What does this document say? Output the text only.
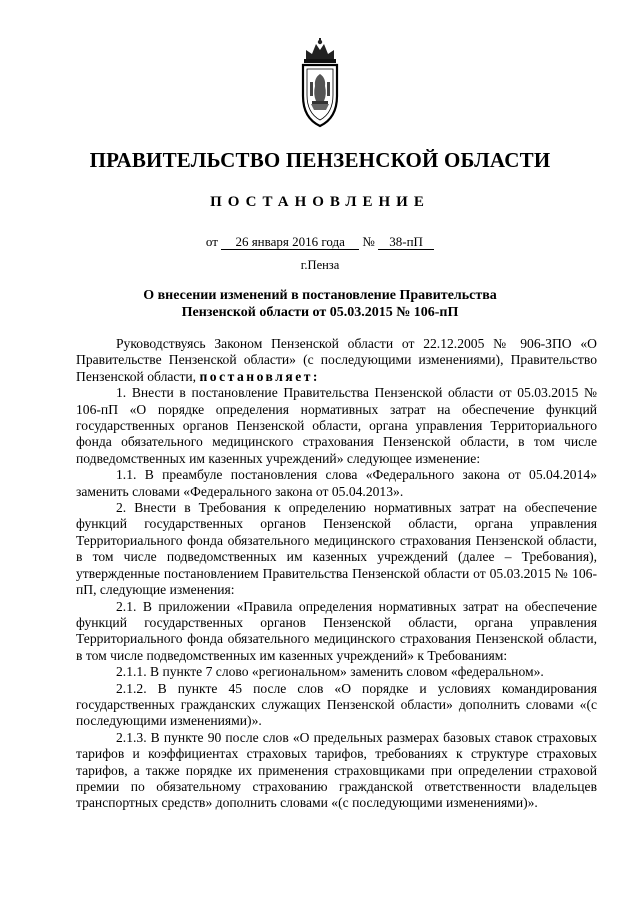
ПРАВИТЕЛЬСТВО ПЕНЗЕНСКОЙ ОБЛАСТИ
ПОСТАНОВЛЕНИЕ
от 26 января 2016 года № 38-пП
г.Пенза
О внесении изменений в постановление Правительства
Пензенской области от 05.03.2015 № 106-пП

Руководствуясь Законом Пензенской области от 22.12.2005 № 906-ЗПО «О Правительстве Пензенской области» (с последующими изменениями), Правительство Пензенской области, постановляет:

1. Внести в постановление Правительства Пензенской области от 05.03.2015 № 106-пП «О порядке определения нормативных затрат на обеспечение функций государственных органов Пензенской области, органа управления Территориального фонда обязательного медицинского страхования Пензенской области, в том числе подведомственных им казенных учреждений» следующее изменение:

1.1. В преамбуле постановления слова «Федерального закона от 05.04.2014» заменить словами «Федерального закона от 05.04.2013».

2. Внести в Требования к определению нормативных затрат на обеспечение функций государственных органов Пензенской области, органа управления Территориального фонда обязательного медицинского страхования Пензенской области, в том числе подведомственных им казенных учреждений (далее – Требования), утвержденные постановлением Правительства Пензенской области от 05.03.2015 № 106-пП, следующие изменения:

2.1. В приложении «Правила определения нормативных затрат на обеспечение функций государственных органов Пензенской области, органа управления Территориального фонда обязательного медицинского страхования Пензенской области, в том числе подведомственных им казенных учреждений» к Требованиям:

2.1.1. В пункте 7 слово «региональном» заменить словом «федеральном».

2.1.2. В пункте 45 после слов «О порядке и условиях командирования государственных гражданских служащих Пензенской области» дополнить словами «(с последующими изменениями)».

2.1.3. В пункте 90 после слов «О предельных размерах базовых ставок страховых тарифов и коэффициентах страховых тарифов, требованиях к структуре страховых тарифов, а также порядке их применения страховщиками при определении страховой премии по обязательному страхованию гражданской ответственности владельцев транспортных средств» дополнить словами «(с последующими изменениями)».
